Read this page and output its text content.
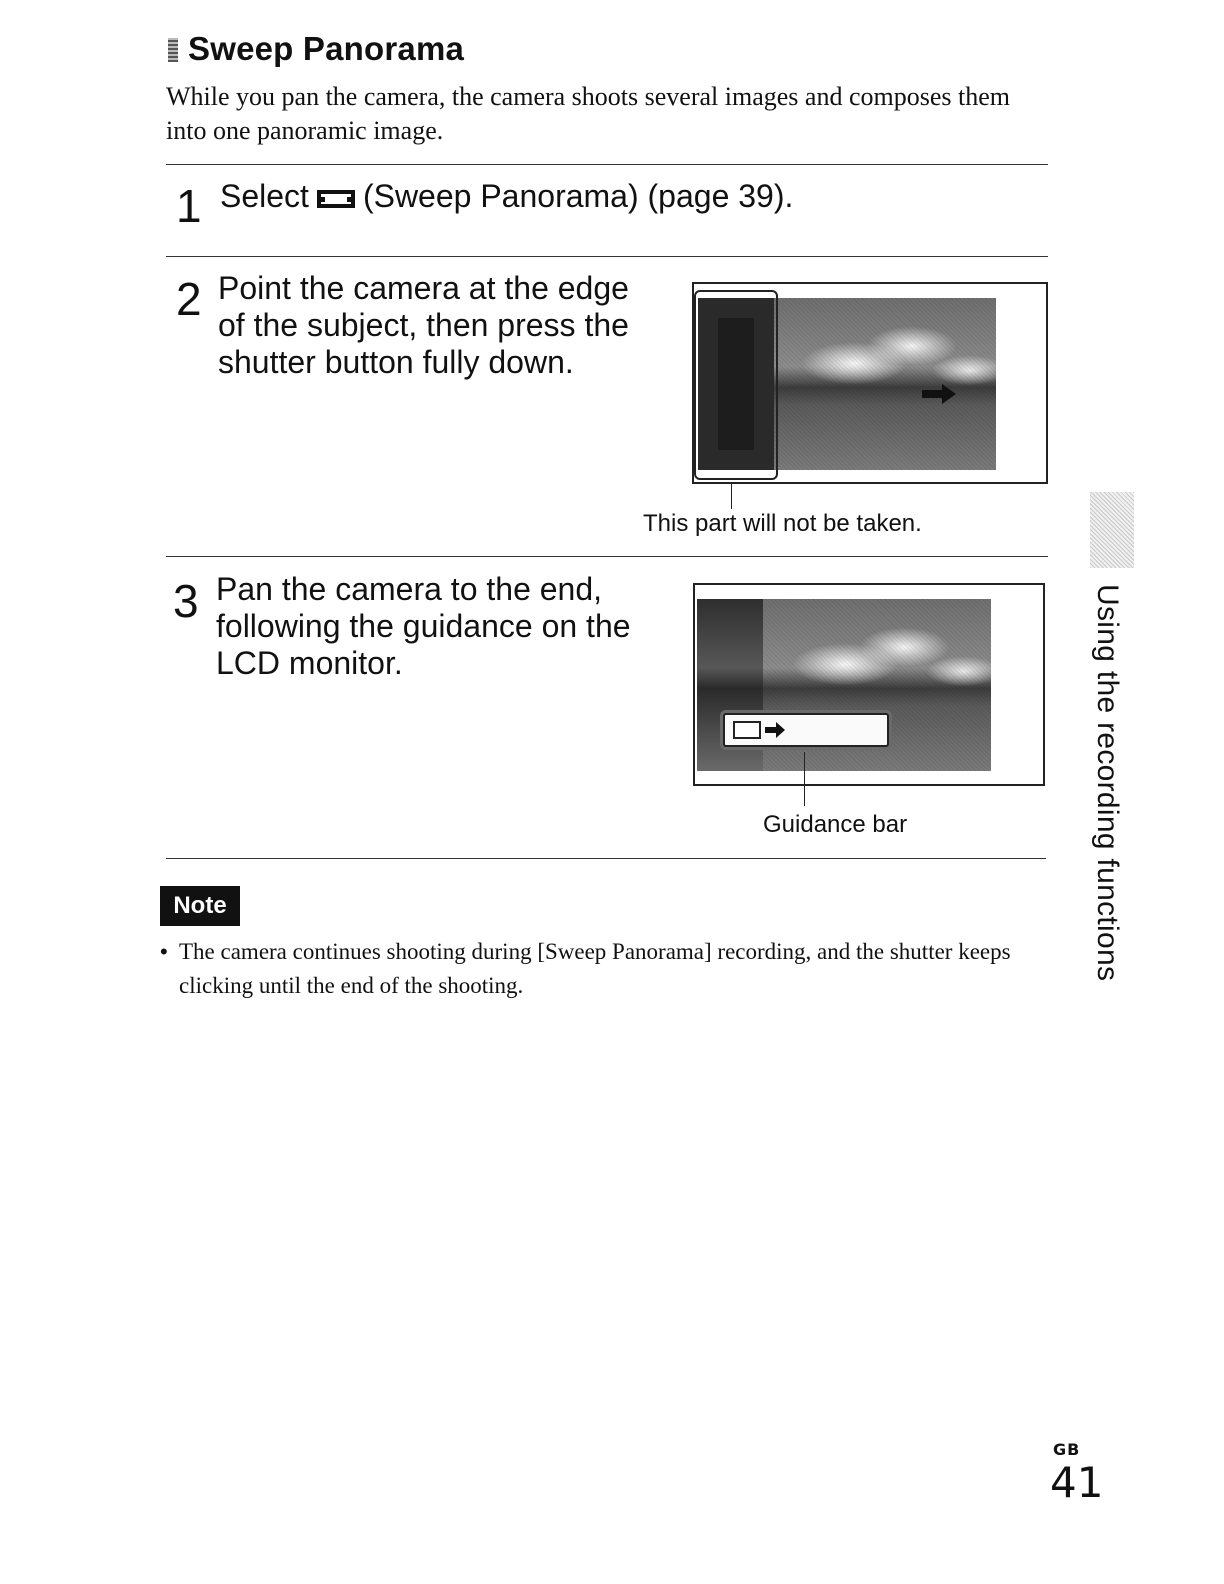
Sweep Panorama
While you pan the camera, the camera shoots several images and composes them into one panoramic image.
1 Select (Sweep Panorama) (page 39).
2 Point the camera at the edge of the subject, then press the shutter button fully down.
This part will not be taken.
3 Pan the camera to the end, following the guidance on the LCD monitor.
Guidance bar
Note
• The camera continues shooting during [Sweep Panorama] recording, and the shutter keeps clicking until the end of the shooting.
Using the recording functions
GB
41
